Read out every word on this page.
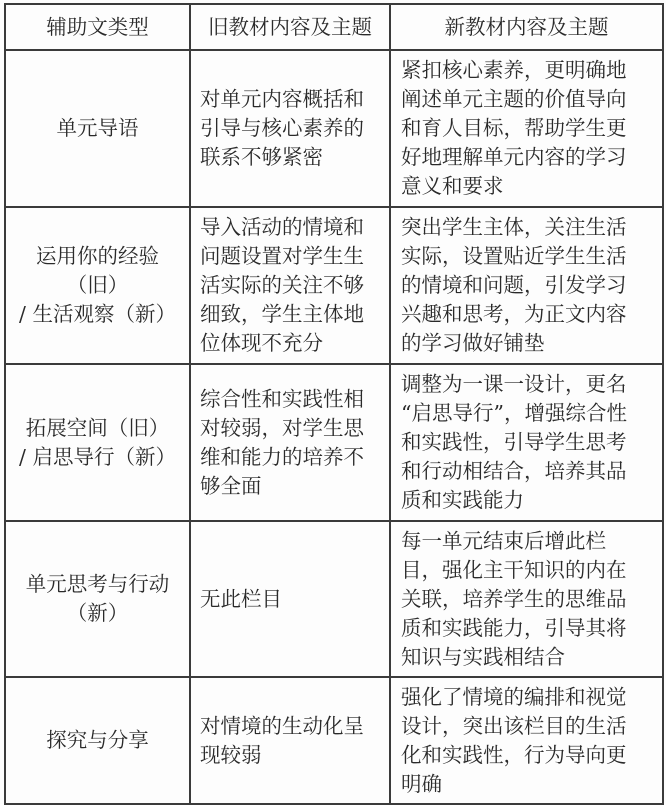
辅助文类型	旧教材内容及主题	新教材内容及主题

单元导语	对单元内容概括和
引导与核心素养的
联系不够紧密	紧扣核心素养，更明确地
阐述单元主题的价值导向
和育人目标，帮助学生更
好地理解单元内容的学习
意义和要求

运用你的经验
（旧）
/ 生活观察（新）	导入活动的情境和
问题设置对学生生
活实际的关注不够
细致，学生主体地
位体现不充分	突出学生主体，关注生活
实际，设置贴近学生生活
的情境和问题，引发学习
兴趣和思考，为正文内容
的学习做好铺垫

拓展空间（旧）
/ 启思导行（新）	综合性和实践性相
对较弱，对学生思
维和能力的培养不
够全面	调整为一课一设计，更名
“启思导行”，增强综合性
和实践性，引导学生思考
和行动相结合，培养其品
质和实践能力

单元思考与行动
（新）	无此栏目	每一单元结束后增此栏
目，强化主干知识的内在
关联，培养学生的思维品
质和实践能力，引导其将
知识与实践相结合

探究与分享	对情境的生动化呈
现较弱	强化了情境的编排和视觉
设计，突出该栏目的生活
化和实践性，行为导向更
明确
